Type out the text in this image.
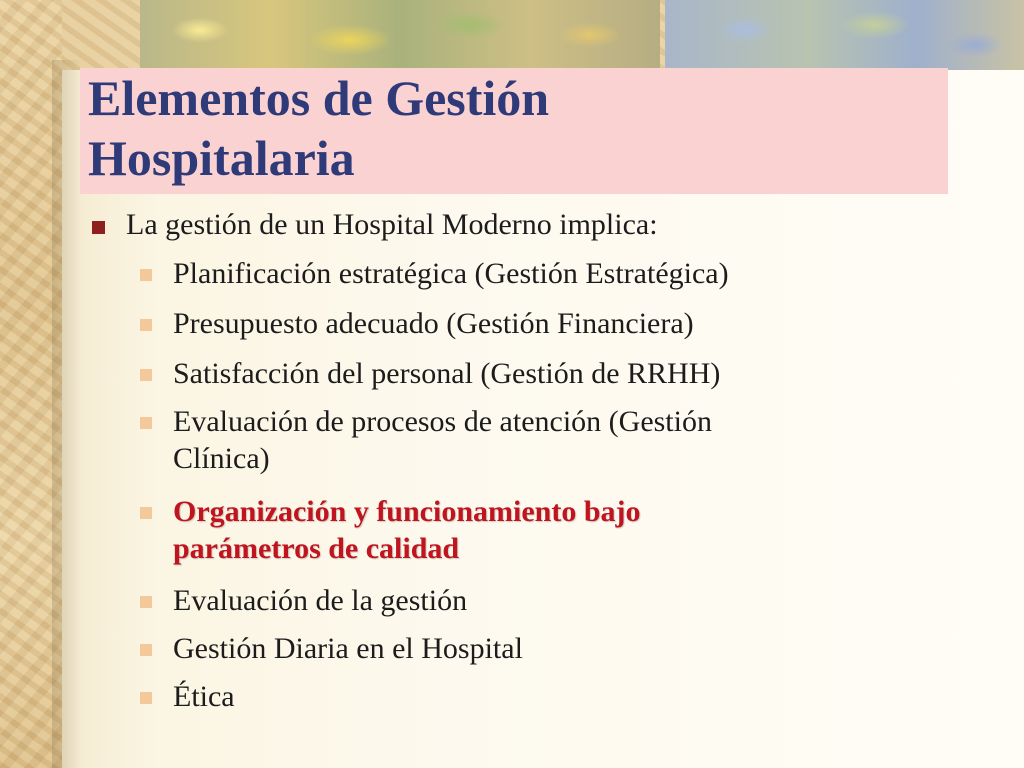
Elementos de Gestión
Hospitalaria
La gestión de un Hospital Moderno implica:
Planificación estratégica (Gestión Estratégica)
Presupuesto adecuado (Gestión Financiera)
Satisfacción del personal (Gestión de RRHH)
Evaluación de procesos de atención (Gestión
Clínica)
Organización y funcionamiento bajo
parámetros de calidad
Evaluación de la gestión
Gestión Diaria en el Hospital
Ética
